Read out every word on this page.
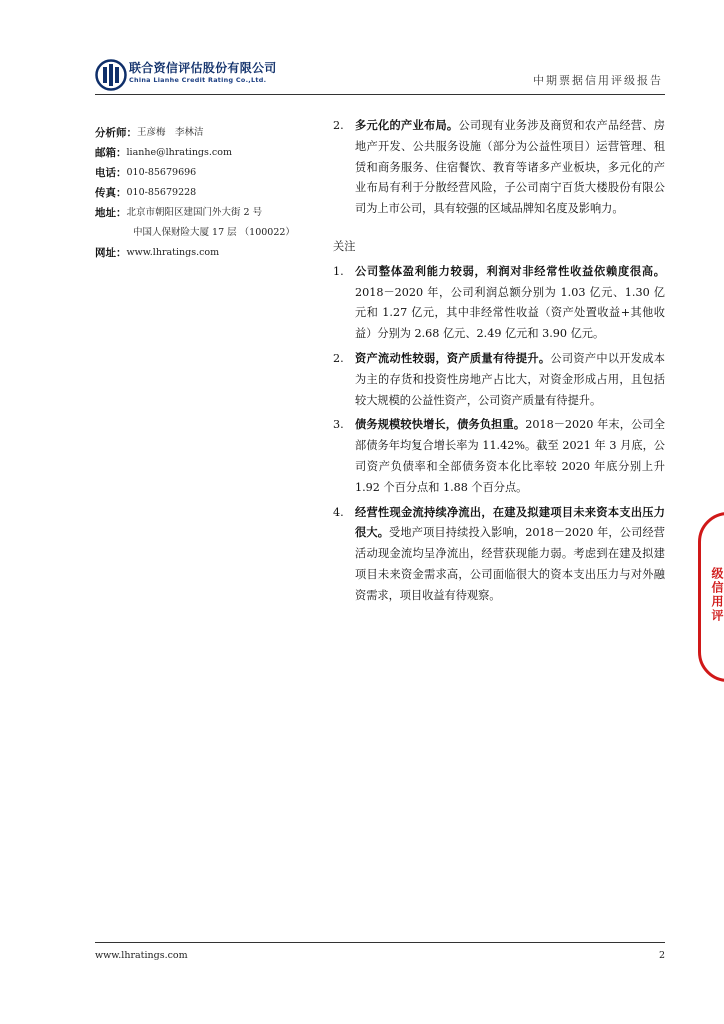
联合资信评估股份有限公司
China Lianhe Credit Rating Co.,Ltd.	中期票据信用评级报告
分析师： 王彦梅　李林洁
邮箱： lianhe@lhratings.com
电话： 010-85679696
传真： 010-85679228
地址： 北京市朝阳区建国门外大街 2 号
中国人保财险大厦 17 层 （100022）
网址： www.lhratings.com
2. 多元化的产业布局。公司现有业务涉及商贸和农产品经营、房地产开发、公共服务设施（部分为公益性项目）运营管理、租赁和商务服务、住宿餐饮、教育等诸多产业板块，多元化的产业布局有利于分散经营风险，子公司南宁百货大楼股份有限公司为上市公司，具有较强的区域品牌知名度及影响力。
关注
1. 公司整体盈利能力较弱，利润对非经常性收益依赖度很高。2018－2020 年，公司利润总额分别为 1.03 亿元、1.30 亿元和 1.27 亿元，其中非经常性收益（资产处置收益+其他收益）分别为 2.68 亿元、2.49 亿元和 3.90 亿元。
2. 资产流动性较弱，资产质量有待提升。公司资产中以开发成本为主的存货和投资性房地产占比大，对资金形成占用，且包括较大规模的公益性资产，公司资产质量有待提升。
3. 债务规模较快增长，债务负担重。2018－2020 年末，公司全部债务年均复合增长率为 11.42%。截至 2021 年 3 月底，公司资产负债率和全部债务资本化比率较 2020 年底分别上升 1.92 个百分点和 1.88 个百分点。
4. 经营性现金流持续净流出，在建及拟建项目未来资本支出压力很大。受地产项目持续投入影响，2018－2020 年，公司经营活动现金流均呈净流出，经营获现能力弱。考虑到在建及拟建项目未来资金需求高，公司面临很大的资本支出压力与对外融资需求，项目收益有待观察。	级信用评
www.lhratings.com	2
